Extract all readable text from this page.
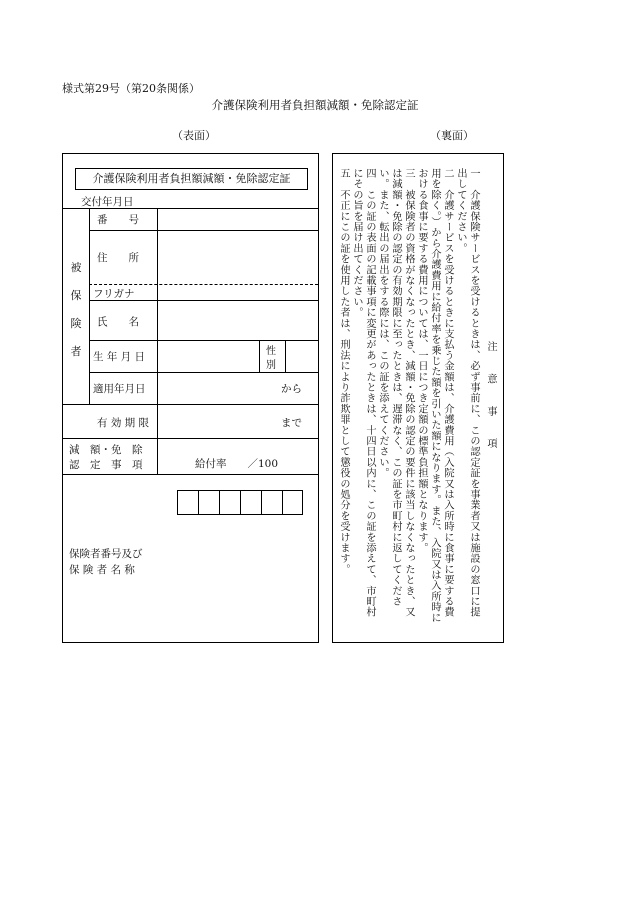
様式第29号（第20条関係）
介護保険利用者負担額減額・免除認定証
（表面）	（裏面）
介護保険利用者負担額減額・免除認定証
交付年月日
被
保
険
者
番　　号
住　　所
フリガナ
氏　　名
生 年 月 日	性
別
適用年月日	から
有 効 期 限	まで
減　額・免　除
認　定　事　項	給付率　　／100
保険者番号及び
保 険 者 名 称

注　意　事　項

一　介護保険サービスを受けるときは、必ず事前に、この認定証を事業者又は施設の窓口に提出してください。

二　介護サービスを受けるときに支払う金額は、介護費用（入院又は入所時に食事に要する費用を除く。）から介護費用に給付率を乗じた額を引いた額になります。また、入院又は入所時における食事に要する費用については、一日につき定額の標準負担額となります。

三　被保険者の資格がなくなったとき、減額・免除の認定の要件に該当しなくなったとき、又は減額・免除の認定の有効期限に至ったときは、遅滞なく、この証を市町村に返してください。また、転出の届出をする際には、この証を添えてください。

四　この証の表面の記載事項に変更があったときは、十四日以内に、この証を添えて、市町村にその旨を届け出てください。

五　不正にこの証を使用した者は、刑法により詐欺罪として懲役の処分を受けます。
